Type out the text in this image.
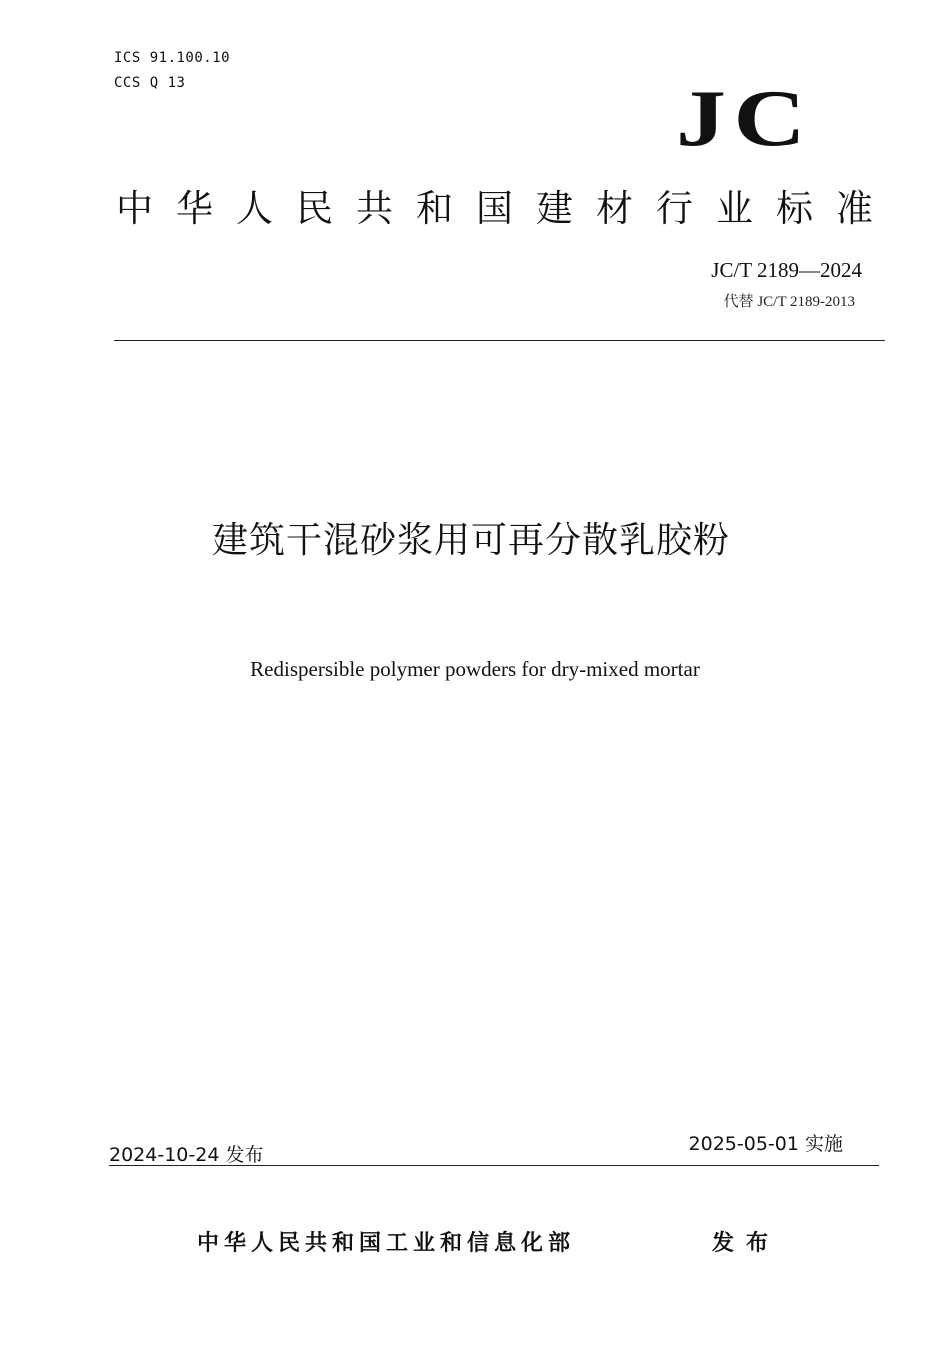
ICS 91.100.10
CCS Q 13	JC
中华人民共和国建材行业标准
JC/T 2189—2024
代替 JC/T 2189-2013
建筑干混砂浆用可再分散乳胶粉
Redispersible polymer powders for dry-mixed mortar
2024-10-24 发布	2025-05-01 实施
中华人民共和国工业和信息化部	发布
